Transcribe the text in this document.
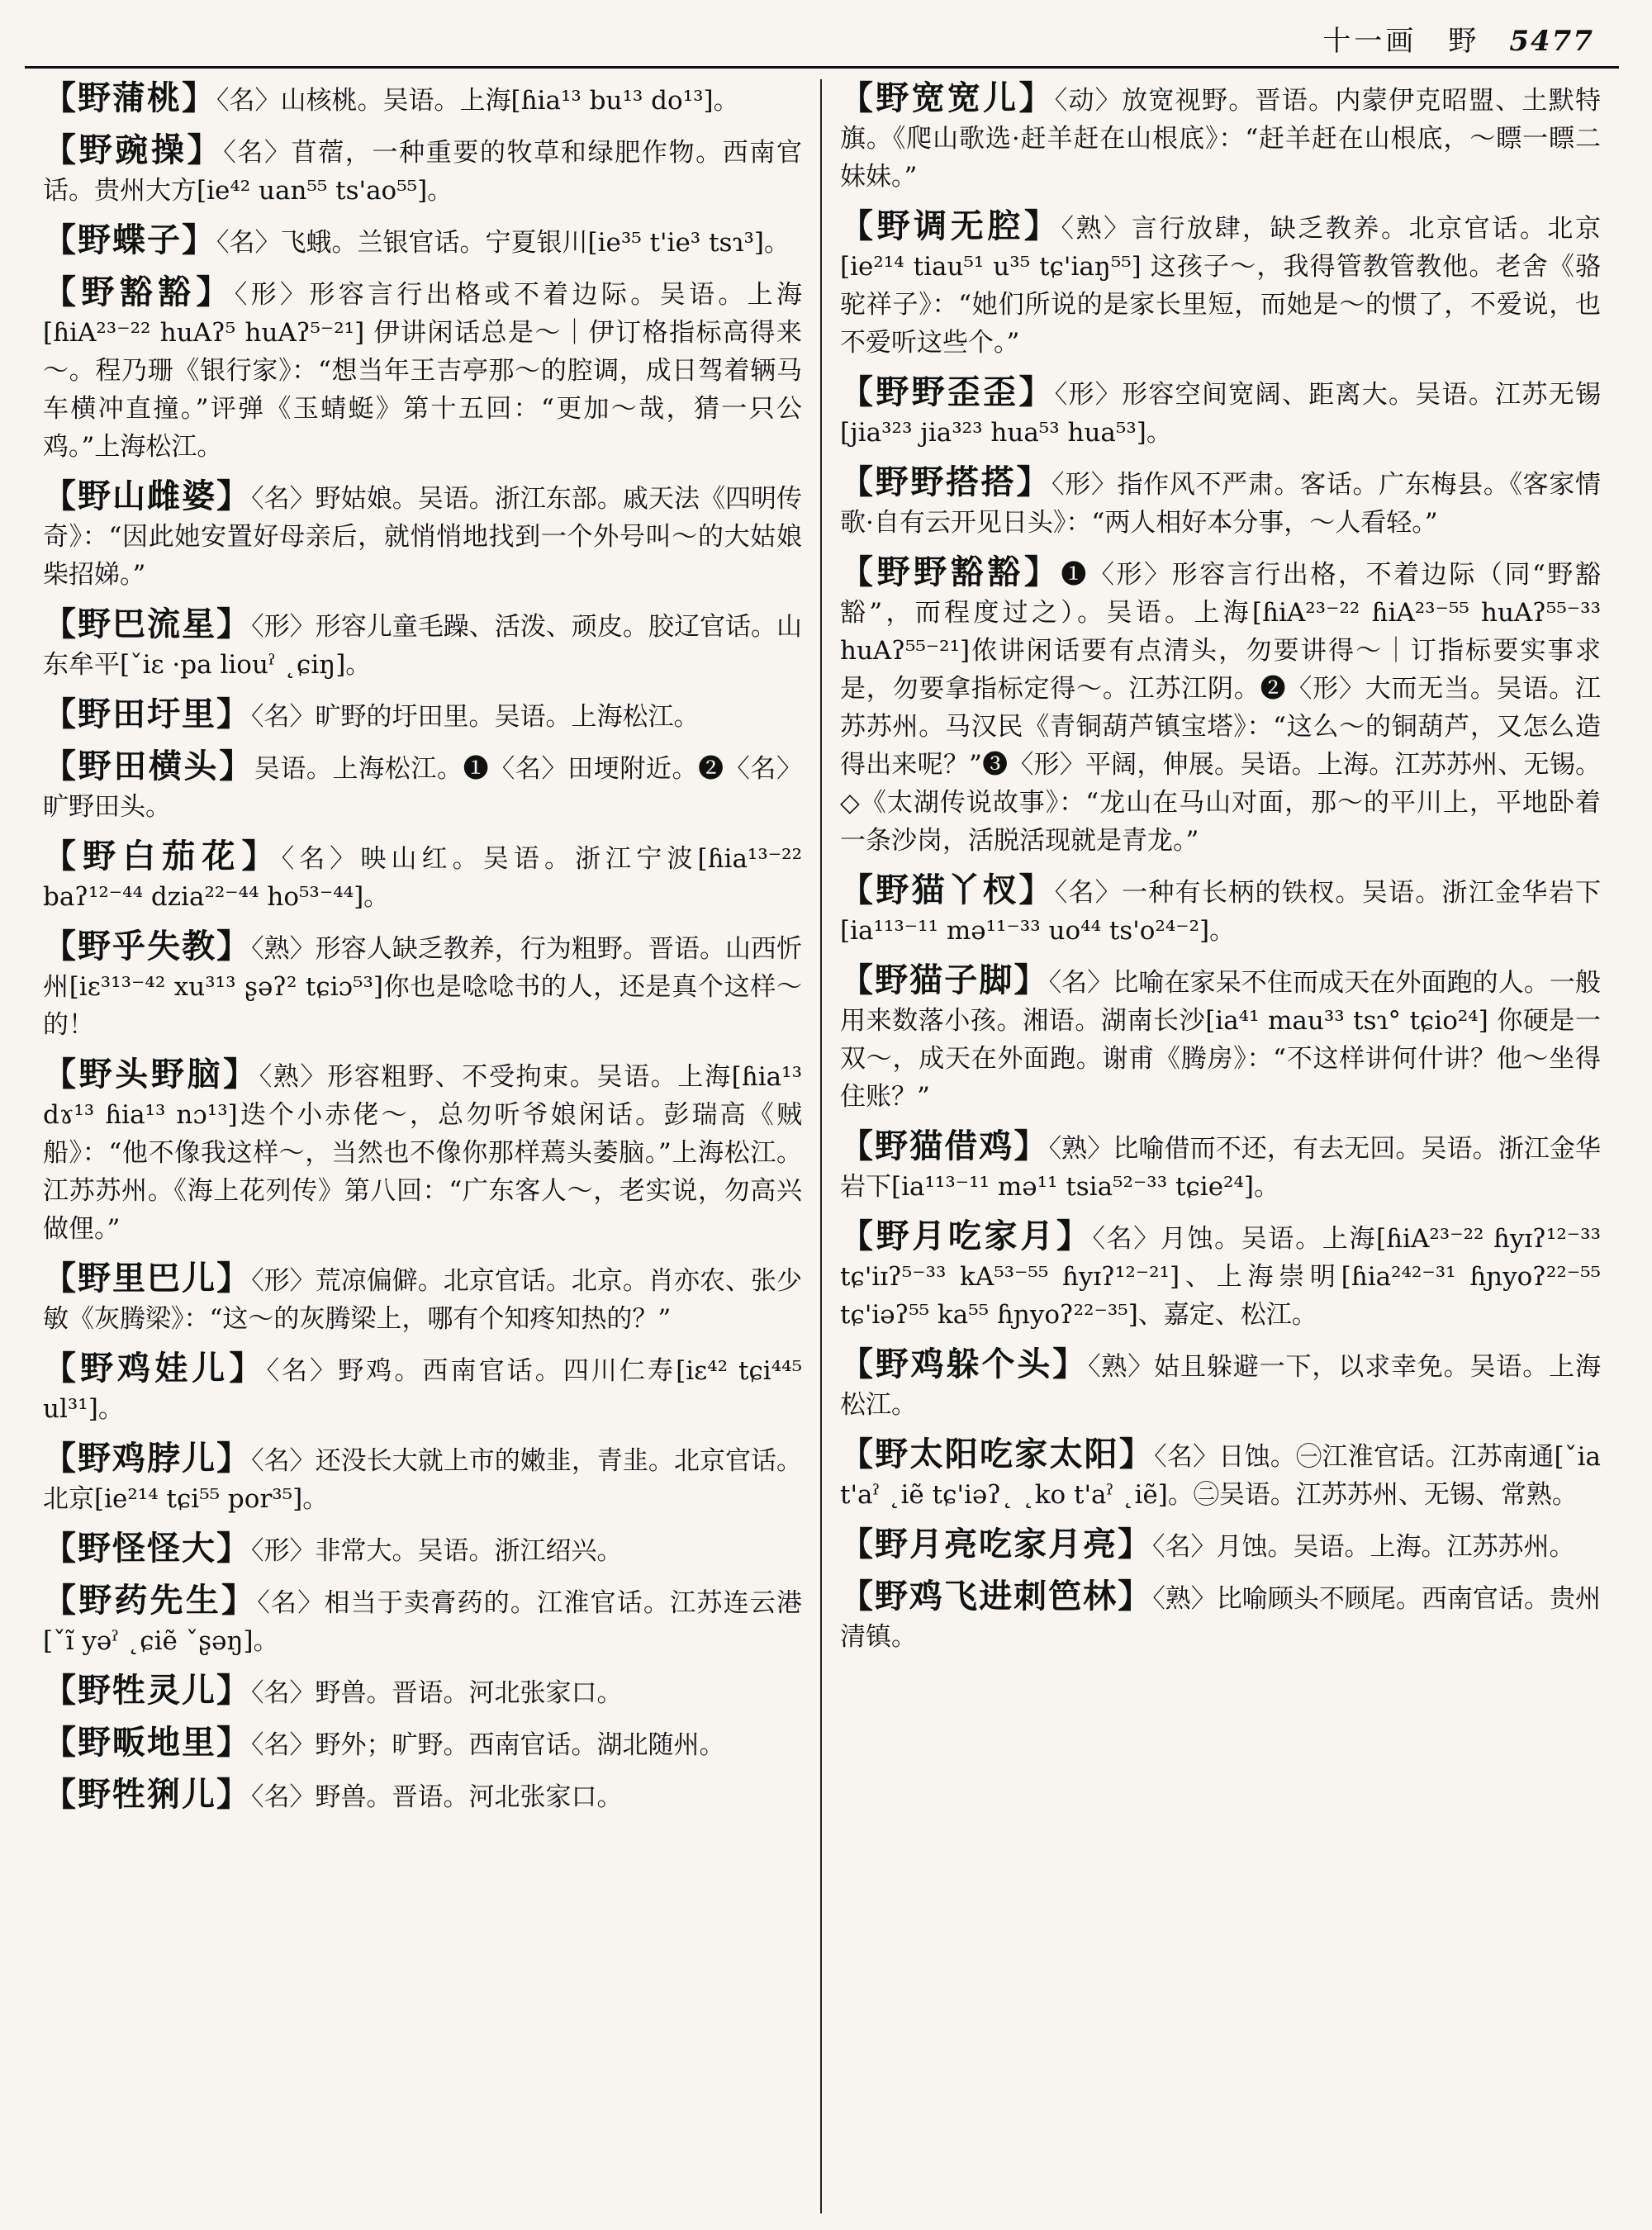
十一画　野 5477

【野蒲桃】〈名〉山核桃。吴语。上海[ɦia¹³ bu¹³ do¹³]。

【野豌操】〈名〉苜蓿，一种重要的牧草和绿肥作物。西南官话。贵州大方[ie⁴² uan⁵⁵ ts'ao⁵⁵]。

【野蝶子】〈名〉飞蛾。兰银官话。宁夏银川[ie³⁵ t'ie³ tsɿ³]。

【野豁豁】〈形〉形容言行出格或不着边际。吴语。上海[ɦiA²³⁻²² huAʔ⁵ huAʔ⁵⁻²¹] 伊讲闲话总是～｜伊订格指标高得来～。程乃珊《银行家》：“想当年王吉亭那～的腔调，成日驾着辆马车横冲直撞。”评弹《玉蜻蜓》第十五回：“更加～哉，猜一只公鸡。”上海松江。

【野山雌婆】〈名〉野姑娘。吴语。浙江东部。戚天法《四明传奇》：“因此她安置好母亲后，就悄悄地找到一个外号叫～的大姑娘柴招娣。”

【野巴流星】〈形〉形容儿童毛躁、活泼、顽皮。胶辽官话。山东牟平[ˇiɛ ·pa liouˀ ˛ɕiŋ]。

【野田圩里】〈名〉旷野的圩田里。吴语。上海松江。

【野田横头】吴语。上海松江。❶〈名〉田埂附近。❷〈名〉旷野田头。

【野白茄花】〈名〉映山红。吴语。浙江宁波[ɦia¹³⁻²² baʔ¹²⁻⁴⁴ dzia²²⁻⁴⁴ ho⁵³⁻⁴⁴]。

【野乎失教】〈熟〉形容人缺乏教养，行为粗野。晋语。山西忻州[iɛ³¹³⁻⁴² xu³¹³ ʂəʔ² tɕiɔ⁵³]你也是唸唸书的人，还是真个这样～的！

【野头野脑】〈熟〉形容粗野、不受拘束。吴语。上海[ɦia¹³ dɤ¹³ ɦia¹³ nɔ¹³]迭个小赤佬～，总勿听爷娘闲话。彭瑞高《贼船》：“他不像我这样～，当然也不像你那样蔫头萎脑。”上海松江。江苏苏州。《海上花列传》第八回：“广东客人～，老实说，勿高兴做俚。”

【野里巴儿】〈形〉荒凉偏僻。北京官话。北京。肖亦农、张少敏《灰腾梁》：“这～的灰腾梁上，哪有个知疼知热的？”

【野鸡娃儿】〈名〉野鸡。西南官话。四川仁寿[iɛ⁴² tɕi⁴⁴⁵ ul³¹]。

【野鸡脖儿】〈名〉还没长大就上市的嫩韭，青韭。北京官话。北京[ie²¹⁴ tɕi⁵⁵ por³⁵]。

【野怪怪大】〈形〉非常大。吴语。浙江绍兴。

【野药先生】〈名〉相当于卖膏药的。江淮官话。江苏连云港[ˇĩ yəˀ ˛ɕiẽ ˇʂəŋ]。

【野牲灵儿】〈名〉野兽。晋语。河北张家口。

【野畈地里】〈名〉野外；旷野。西南官话。湖北随州。

【野牲猁儿】〈名〉野兽。晋语。河北张家口。

【野宽宽儿】〈动〉放宽视野。晋语。内蒙伊克昭盟、土默特旗。《爬山歌选·赶羊赶在山根底》：“赶羊赶在山根底，～瞟一瞟二妹妹。”

【野调无腔】〈熟〉言行放肆，缺乏教养。北京官话。北京[ie²¹⁴ tiau⁵¹ u³⁵ tɕ'iaŋ⁵⁵] 这孩子～，我得管教管教他。老舍《骆驼祥子》：“她们所说的是家长里短，而她是～的惯了，不爱说，也不爱听这些个。”

【野野歪歪】〈形〉形容空间宽阔、距离大。吴语。江苏无锡[jia³²³ jia³²³ hua⁵³ hua⁵³]。

【野野搭搭】〈形〉指作风不严肃。客话。广东梅县。《客家情歌·自有云开见日头》：“两人相好本分事，～人看轻。”

【野野豁豁】❶〈形〉形容言行出格，不着边际（同“野豁豁”，而程度过之）。吴语。上海[ɦiA²³⁻²² ɦiA²³⁻⁵⁵ huAʔ⁵⁵⁻³³ huAʔ⁵⁵⁻²¹]侬讲闲话要有点清头，勿要讲得～｜订指标要实事求是，勿要拿指标定得～。江苏江阴。❷〈形〉大而无当。吴语。江苏苏州。马汉民《青铜葫芦镇宝塔》：“这么～的铜葫芦，又怎么造得出来呢？”❸〈形〉平阔，伸展。吴语。上海。江苏苏州、无锡。◇《太湖传说故事》：“龙山在马山对面，那～的平川上，平地卧着一条沙岗，活脱活现就是青龙。”

【野猫丫杈】〈名〉一种有长柄的铁杈。吴语。浙江金华岩下[ia¹¹³⁻¹¹ mə¹¹⁻³³ uo⁴⁴ ts'o²⁴⁻²]。

【野猫子脚】〈名〉比喻在家呆不住而成天在外面跑的人。一般用来数落小孩。湘语。湖南长沙[ia⁴¹ mau³³ tsɿ° tɕio²⁴] 你硬是一双～，成天在外面跑。谢甫《腾房》：“不这样讲何什讲？他～坐得住账？”

【野猫借鸡】〈熟〉比喻借而不还，有去无回。吴语。浙江金华岩下[ia¹¹³⁻¹¹ mə¹¹ tsia⁵²⁻³³ tɕie²⁴]。

【野月吃家月】〈名〉月蚀。吴语。上海[ɦiA²³⁻²² ɦyɪʔ¹²⁻³³ tɕ'iɪʔ⁵⁻³³ kA⁵³⁻⁵⁵ ɦyɪʔ¹²⁻²¹]、上海崇明[ɦia²⁴²⁻³¹ ɦɲyoʔ²²⁻⁵⁵ tɕ'iəʔ⁵⁵ ka⁵⁵ ɦɲyoʔ²²⁻³⁵]、嘉定、松江。

【野鸡躲个头】〈熟〉姑且躲避一下，以求幸免。吴语。上海松江。

【野太阳吃家太阳】〈名〉日蚀。㊀江淮官话。江苏南通[ˇia t'aˀ ˛iẽ tɕ'iəʔ˛ ˛ko t'aˀ ˛iẽ]。㊁吴语。江苏苏州、无锡、常熟。

【野月亮吃家月亮】〈名〉月蚀。吴语。上海。江苏苏州。

【野鸡飞进刺笆林】〈熟〉比喻顾头不顾尾。西南官话。贵州清镇。
